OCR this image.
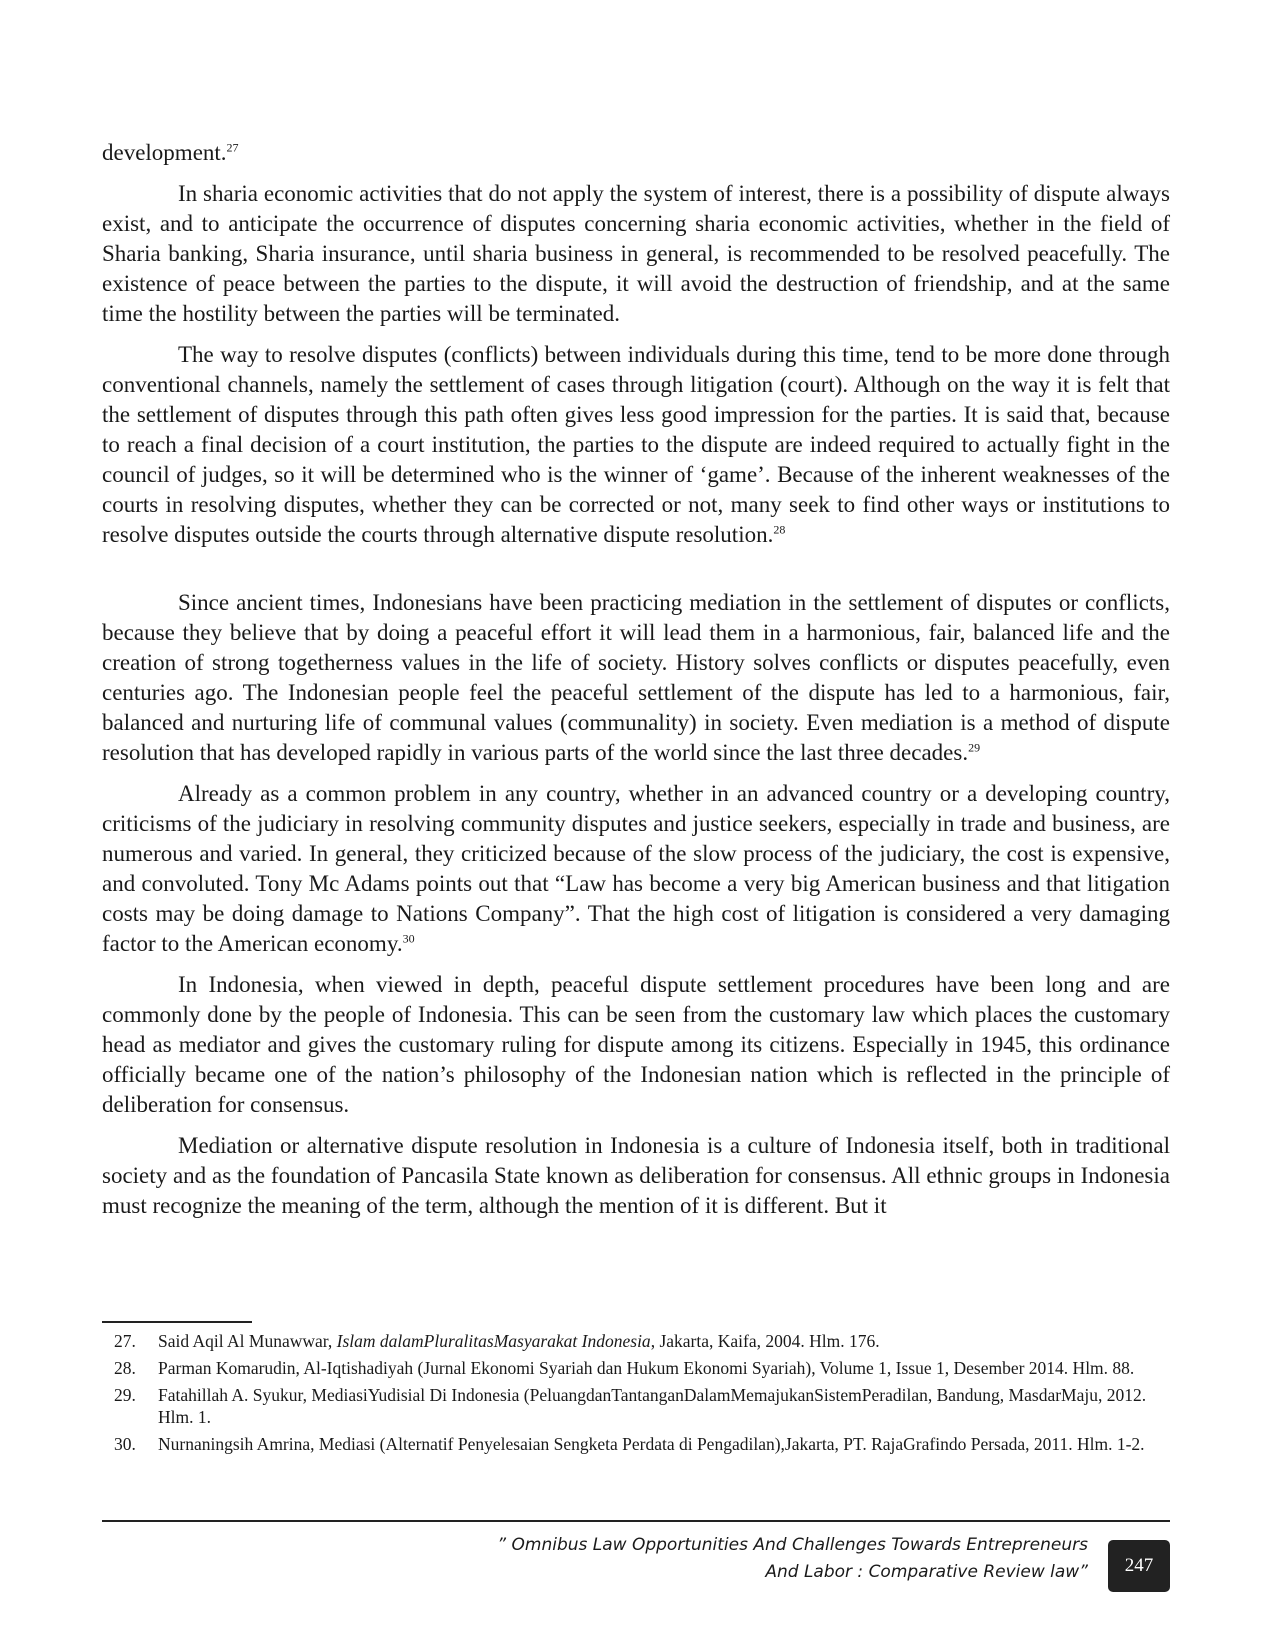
development.$^{27}$

In sharia economic activities that do not apply the system of interest, there is a possibility of dispute always exist, and to anticipate the occurrence of disputes concerning sharia economic activities, whether in the field of Sharia banking, Sharia insurance, until sharia business in general, is recommended to be resolved peacefully. The existence of peace between the parties to the dispute, it will avoid the destruction of friendship, and at the same time the hostility between the parties will be terminated.

The way to resolve disputes (conflicts) between individuals during this time, tend to be more done through conventional channels, namely the settlement of cases through litigation (court). Although on the way it is felt that the settlement of disputes through this path often gives less good impression for the parties. It is said that, because to reach a final decision of a court institution, the parties to the dispute are indeed required to actually fight in the council of judges, so it will be determined who is the winner of ‘game’. Because of the inherent weaknesses of the courts in resolving disputes, whether they can be corrected or not, many seek to find other ways or institutions to resolve disputes outside the courts through alternative dispute resolution.$^{28}$

Since ancient times, Indonesians have been practicing mediation in the settlement of disputes or conflicts, because they believe that by doing a peaceful effort it will lead them in a harmonious, fair, balanced life and the creation of strong togetherness values in the life of society. History solves conflicts or disputes peacefully, even centuries ago. The Indonesian people feel the peaceful settlement of the dispute has led to a harmonious, fair, balanced and nurturing life of communal values (communality) in society. Even mediation is a method of dispute resolution that has developed rapidly in various parts of the world since the last three decades.$^{29}$

Already as a common problem in any country, whether in an advanced country or a developing country, criticisms of the judiciary in resolving community disputes and justice seekers, especially in trade and business, are numerous and varied. In general, they criticized because of the slow process of the judiciary, the cost is expensive, and convoluted. Tony Mc Adams points out that “Law has become a very big American business and that litigation costs may be doing damage to Nations Company”. That the high cost of litigation is considered a very damaging factor to the American economy.$^{30}$

In Indonesia, when viewed in depth, peaceful dispute settlement procedures have been long and are commonly done by the people of Indonesia. This can be seen from the customary law which places the customary head as mediator and gives the customary ruling for dispute among its citizens. Especially in 1945, this ordinance officially became one of the nation’s philosophy of the Indonesian nation which is reflected in the principle of deliberation for consensus.

Mediation or alternative dispute resolution in Indonesia is a culture of Indonesia itself, both in traditional society and as the foundation of Pancasila State known as deliberation for consensus. All ethnic groups in Indonesia must recognize the meaning of the term, although the mention of it is different. But it

27.	Said Aqil Al Munawwar, Islam dalamPluralitasMasyarakat Indonesia, Jakarta, Kaifa, 2004. Hlm. 176.
28.	Parman Komarudin, Al-Iqtishadiyah (Jurnal Ekonomi Syariah dan Hukum Ekonomi Syariah), Volume 1, Issue 1, Desember 2014. Hlm. 88.
29.	Fatahillah A. Syukur, MediasiYudisial Di Indonesia (PeluangdanTantanganDalamMemajukanSistemPeradilan, Bandung, MasdarMaju, 2012. Hlm. 1.
30.	Nurnaningsih Amrina, Mediasi (Alternatif Penyelesaian Sengketa Perdata di Pengadilan),Jakarta, PT. RajaGrafindo Persada, 2011. Hlm. 1-2.
” Omnibus Law Opportunities And Challenges Towards Entrepreneurs
And Labor : Comparative Review law” 247
